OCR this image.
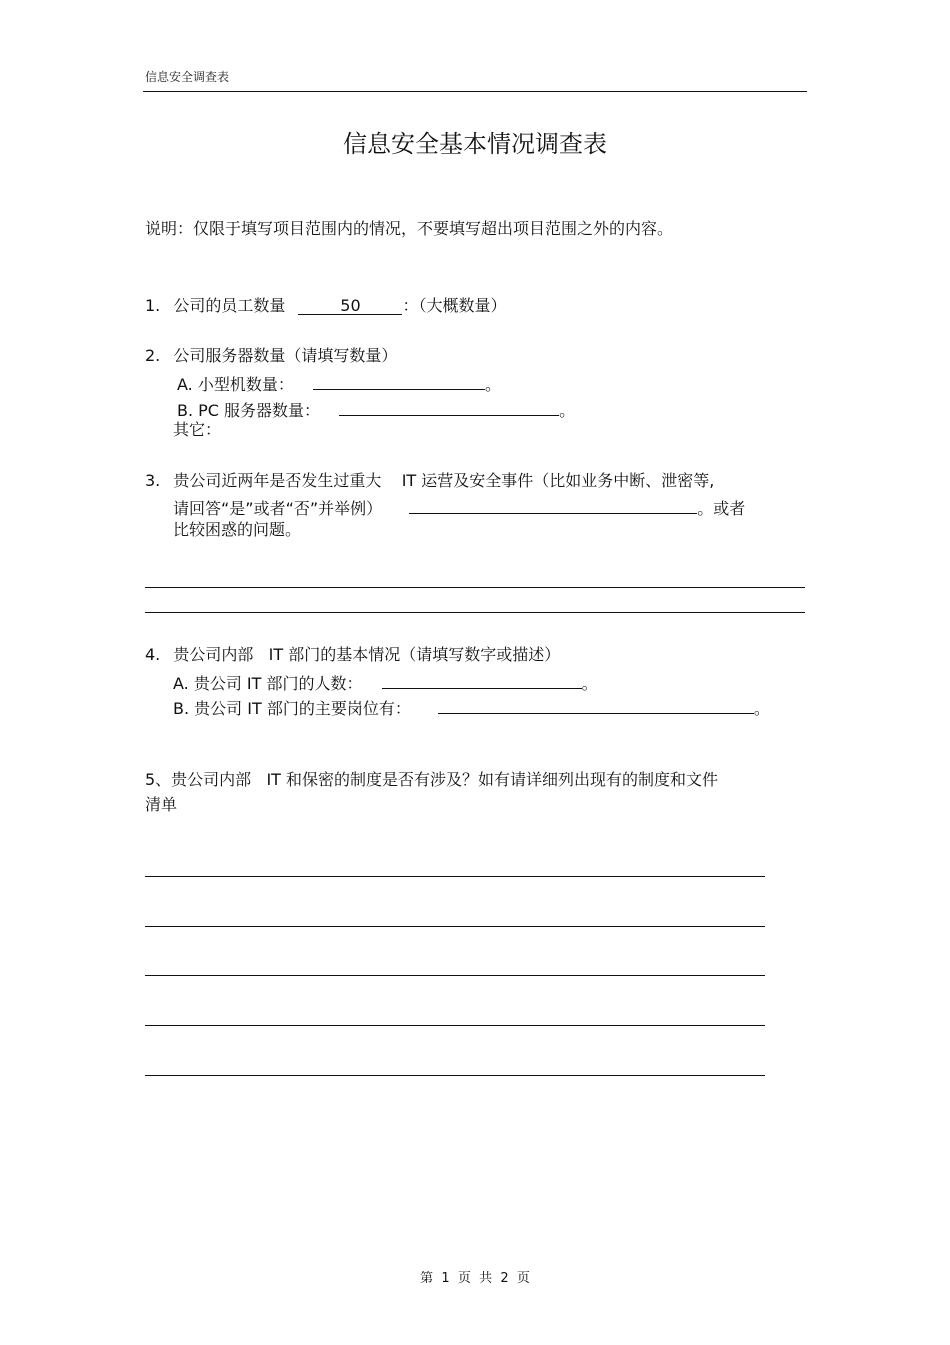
信息安全调查表
信息安全基本情况调查表
说明：仅限于填写项目范围内的情况，不要填写超出项目范围之外的内容。
1. 公司的员工数量	50	：（大概数量）
2. 公司服务器数量（请填写数量）
A. 小型机数量：	。
B. PC 服务器数量：	。
其它：
3. 贵公司近两年是否发生过重大    IT 运营及安全事件（比如业务中断、泄密等,
请回答“是”或者“否”并举例）	。或者
比较困惑的问题。
4. 贵公司内部   IT 部门的基本情况（请填写数字或描述）
A. 贵公司 IT 部门的人数：	。
B. 贵公司 IT 部门的主要岗位有：	。
5、贵公司内部   IT 和保密的制度是否有涉及？如有请详细列出现有的制度和文件
清单
第  1  页  共  2  页
